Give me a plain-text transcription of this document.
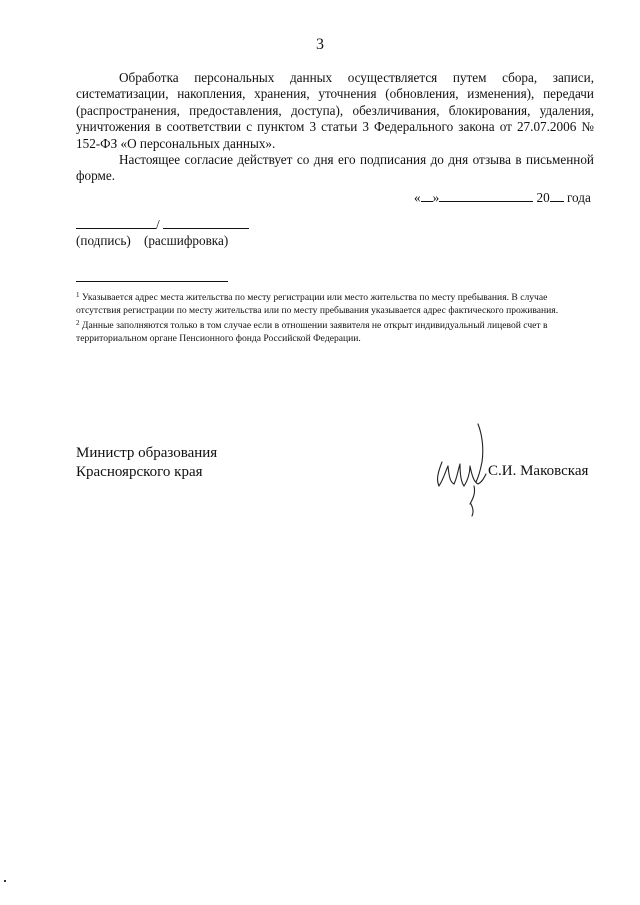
3

Обработка персональных данных осуществляется путем сбора, записи, систематизации, накопления, хранения, уточнения (обновления, изменения), передачи (распространения, предоставления, доступа), обезличивания, блокирования, удаления, уничтожения в соответствии с пунктом 3 статьи 3 Федерального закона от 27.07.2006 № 152-ФЗ «О персональных данных».

Настоящее согласие действует со дня его подписания до дня отзыва в письменной форме.

« »	20 года
/
(подпись) (расшифровка)

$^1$ Указывается адрес места жительства по месту регистрации или место жительства по месту пребывания. В случае отсутствия регистрации по месту жительства или по месту пребывания указывается адрес фактического проживания.

$^2$ Данные заполняются только в том случае если в отношении заявителя не открыт индивидуальный лицевой счет в территориальном органе Пенсионного фонда Российской Федерации.

Министр образования
Красноярского края	С.И. Маковская
